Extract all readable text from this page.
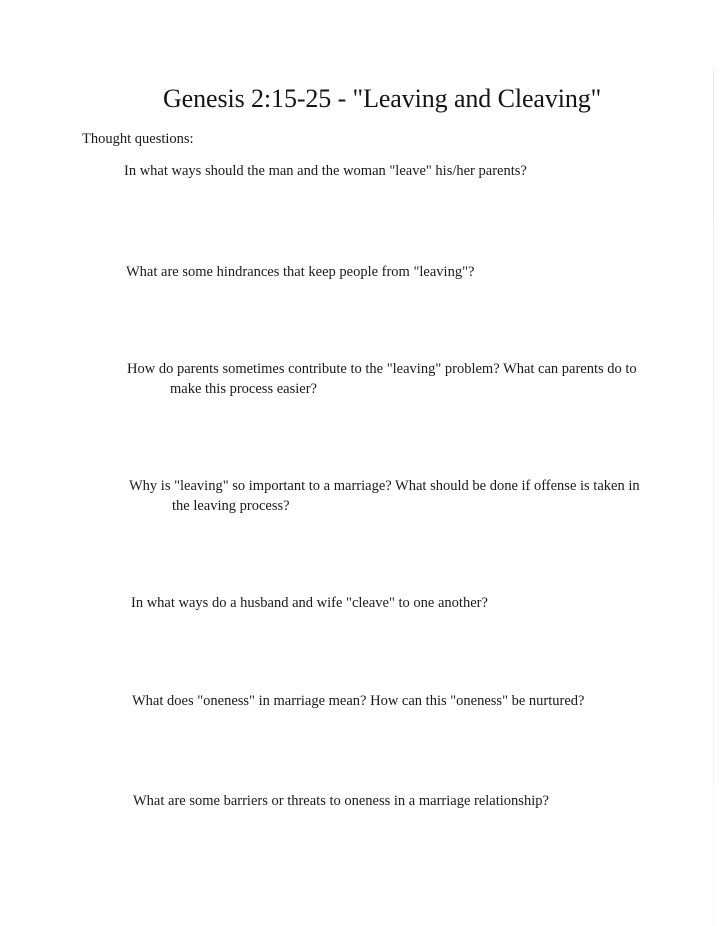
Genesis 2:15-25 - "Leaving and Cleaving"
Thought questions:
In what ways should the man and the woman "leave" his/her parents?
What are some hindrances that keep people from "leaving"?
How do parents sometimes contribute to the "leaving" problem? What can parents do to
make this process easier?
Why is "leaving" so important to a marriage? What should be done if offense is taken in
the leaving process?
In what ways do a husband and wife "cleave" to one another?
What does "oneness" in marriage mean? How can this "oneness" be nurtured?
What are some barriers or threats to oneness in a marriage relationship?
